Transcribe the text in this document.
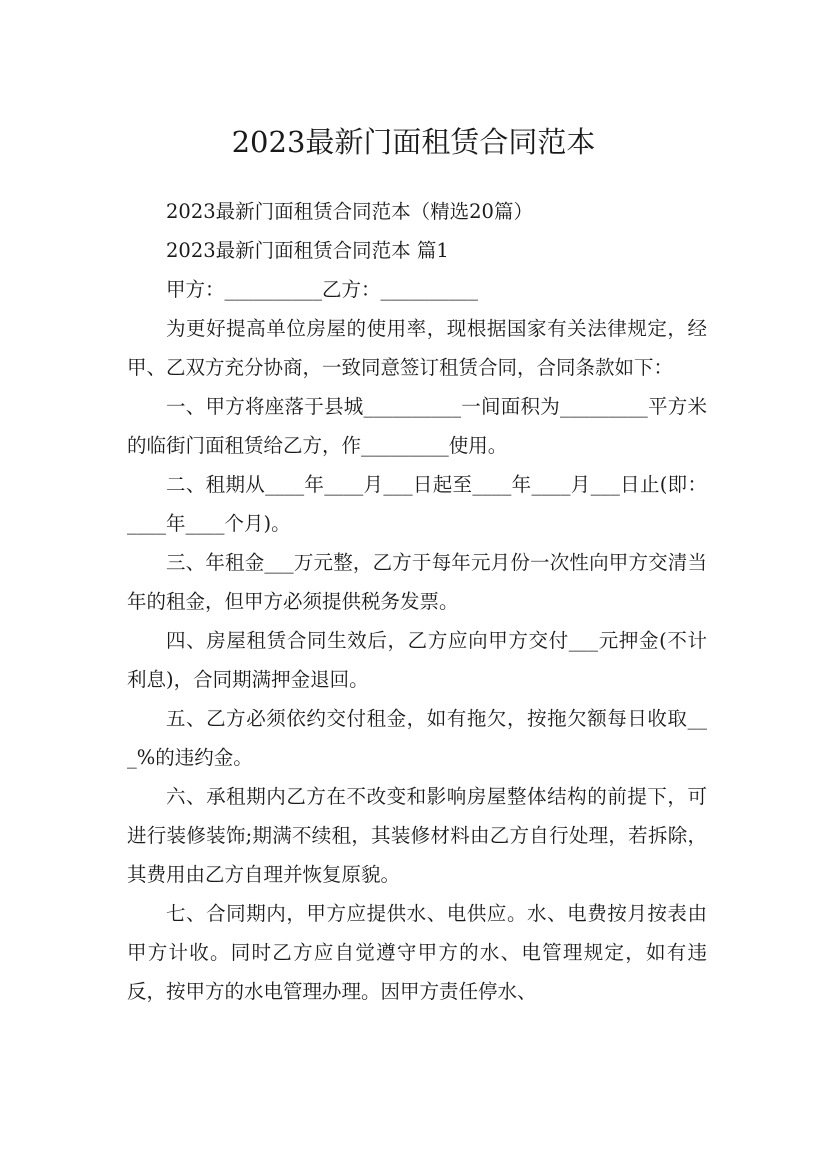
2023最新门面租赁合同范本

2023最新门面租赁合同范本（精选20篇）

2023最新门面租赁合同范本 篇1

甲方：__________乙方：__________

为更好提高单位房屋的使用率，现根据国家有关法律规定，经甲、乙双方充分协商，一致同意签订租赁合同，合同条款如下：

一、甲方将座落于县城__________一间面积为_________平方米的临街门面租赁给乙方，作_________使用。

二、租期从____年____月___日起至____年____月___日止(即：____年____个月)。

三、年租金___万元整，乙方于每年元月份一次性向甲方交清当年的租金，但甲方必须提供税务发票。

四、房屋租赁合同生效后，乙方应向甲方交付___元押金(不计利息)，合同期满押金退回。

五、乙方必须依约交付租金，如有拖欠，按拖欠额每日收取___%的违约金。

六、承租期内乙方在不改变和影响房屋整体结构的前提下，可进行装修装饰;期满不续租，其装修材料由乙方自行处理，若拆除，其费用由乙方自理并恢复原貌。

七、合同期内，甲方应提供水、电供应。水、电费按月按表由甲方计收。同时乙方应自觉遵守甲方的水、电管理规定，如有违反，按甲方的水电管理办理。因甲方责任停水、
